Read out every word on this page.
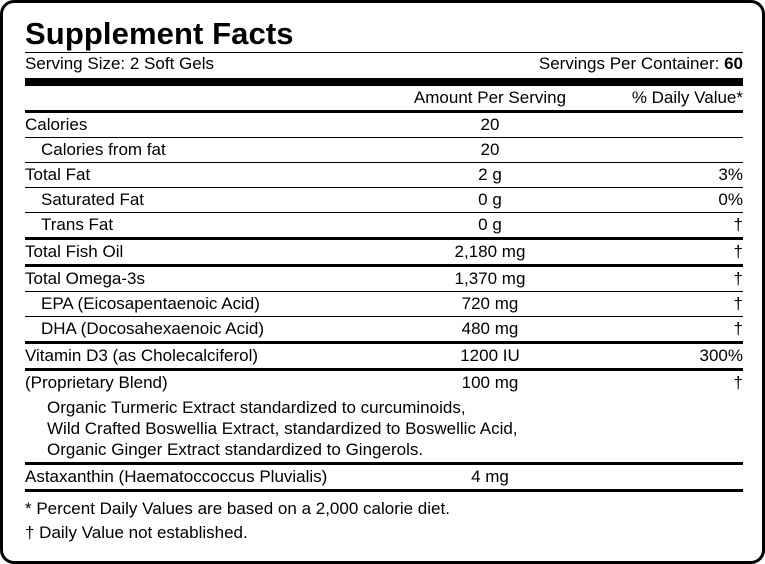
Supplement Facts
Serving Size: 2 Soft Gels	Servings Per Container: 60
	Amount Per Serving	% Daily Value*
Calories	20	
Calories from fat	20	
Total Fat	2 g	3%
Saturated Fat	0 g	0%
Trans Fat	0 g	†
Total Fish Oil	2,180 mg	†
Total Omega-3s	1,370 mg	†
EPA (Eicosapentaenoic Acid)	720 mg	†
DHA (Docosahexaenoic Acid)	480 mg	†
Vitamin D3 (as Cholecalciferol)	1200 IU	300%
(Proprietary Blend)	100 mg	†
Organic Turmeric Extract standardized to curcuminoids,
Wild Crafted Boswellia Extract, standardized to Boswellic Acid,
Organic Ginger Extract standardized to Gingerols.
Astaxanthin (Haematoccoccus Pluvialis)	4 mg	
* Percent Daily Values are based on a 2,000 calorie diet.
† Daily Value not established.
